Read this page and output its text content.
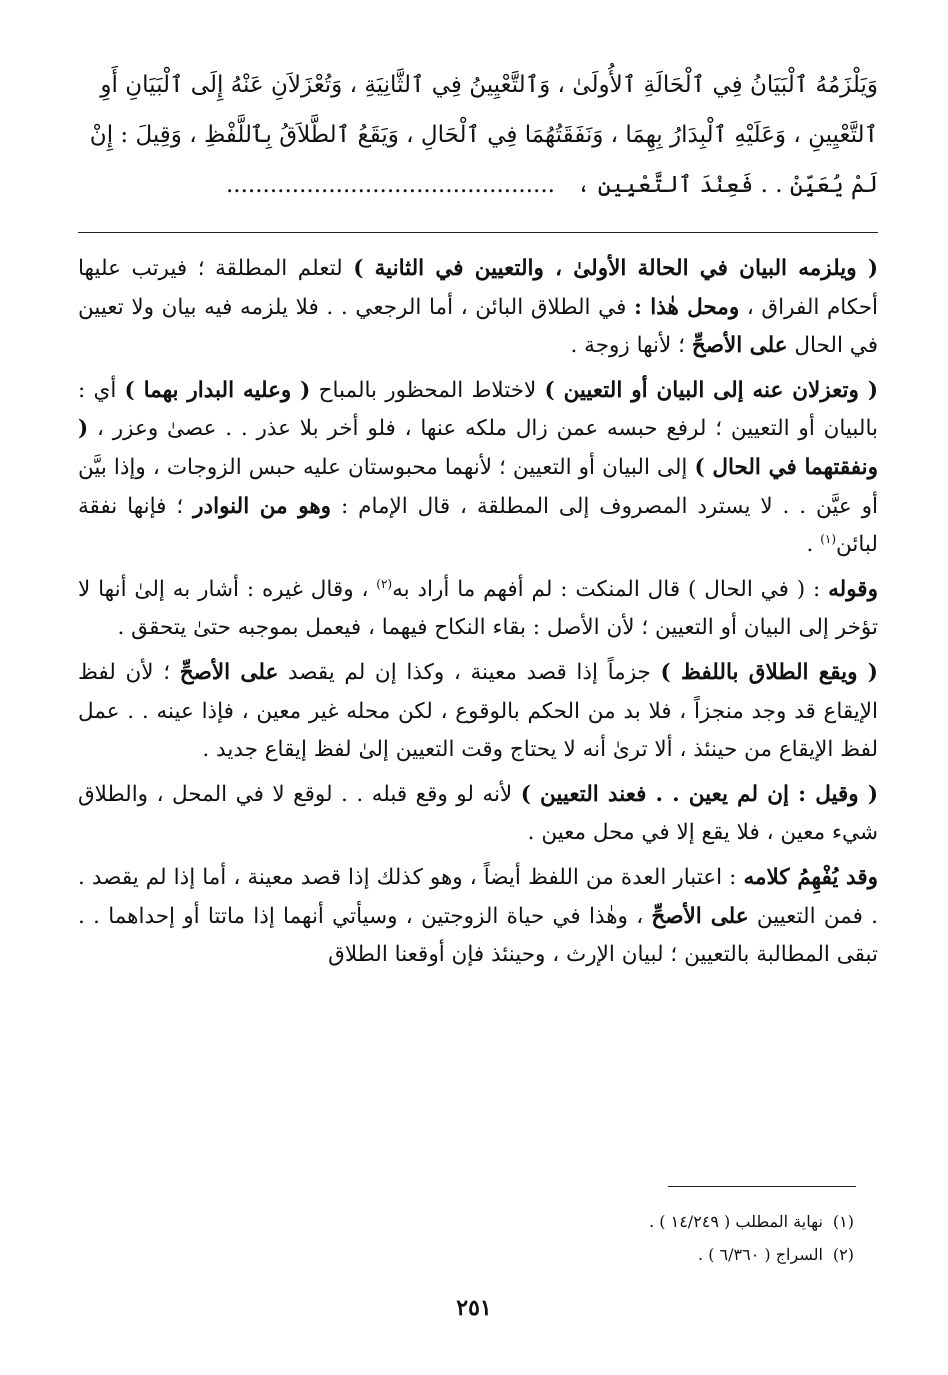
وَيَلْزَمُهُ ٱلْبَيَانُ فِي ٱلْحَالَةِ ٱلأُولَىٰ ، وَٱلتَّعْيِينُ فِي ٱلثَّانِيَةِ ، وَتُعْزَلاَنِ عَنْهُ إِلَى ٱلْبَيَانِ أَوِ

ٱلتَّعْيِينِ ، وَعَلَيْهِ ٱلْبِدَارُ بِهِمَا ، وَنَفَقَتُهُمَا فِي ٱلْحَالِ ، وَيَقَعُ ٱلطَّلاَقُ بِٱللَّفْظِ ، وَقِيلَ : إِنْ

لَمْ يُعَيِّنْ . . فَعِنْدَ ٱلتَّعْيِينِ ،   .............................................

( ويلزمه البيان في الحالة الأولىٰ ، والتعيين في الثانية ) لتعلم المطلقة ؛ فيرتب عليها أحكام الفراق ، ومحل هٰذا : في الطلاق البائن ، أما الرجعي . . فلا يلزمه فيه بيان ولا تعيين في الحال على الأصحِّ ؛ لأنها زوجة .

( وتعزلان عنه إلى البيان أو التعيين ) لاختلاط المحظور بالمباح ( وعليه البدار بهما ) أي : بالبيان أو التعيين ؛ لرفع حبسه عمن زال ملكه عنها ، فلو أخر بلا عذر . . عصىٰ وعزر ، ( ونفقتهما في الحال ) إلى البيان أو التعيين ؛ لأنهما محبوستان عليه حبس الزوجات ، وإذا بيَّن أو عيَّن . . لا يسترد المصروف إلى المطلقة ، قال الإمام : وهو من النوادر ؛ فإنها نفقة لبائن$^{(١)}$ .

وقوله : ( في الحال ) قال المنكت : لم أفهم ما أراد به$^{(٢)}$ ، وقال غيره : أشار به إلىٰ أنها لا تؤخر إلى البيان أو التعيين ؛ لأن الأصل : بقاء النكاح فيهما ، فيعمل بموجبه حتىٰ يتحقق .

( ويقع الطلاق باللفظ ) جزماً إذا قصد معينة ، وكذا إن لم يقصد على الأصحِّ ؛ لأن لفظ الإيقاع قد وجد منجزاً ، فلا بد من الحكم بالوقوع ، لكن محله غير معين ، فإذا عينه . . عمل لفظ الإيقاع من حينئذ ، ألا ترىٰ أنه لا يحتاج وقت التعيين إلىٰ لفظ إيقاع جديد .

( وقيل : إن لم يعين . . فعند التعيين ) لأنه لو وقع قبله . . لوقع لا في المحل ، والطلاق شيء معين ، فلا يقع إلا في محل معين .

وقد يُفْهِمُ كلامه : اعتبار العدة من اللفظ أيضاً ، وهو كذلك إذا قصد معينة ، أما إذا لم يقصد . . فمن التعيين على الأصحِّ ، وهٰذا في حياة الزوجتين ، وسيأتي أنهما إذا ماتتا أو إحداهما . . تبقى المطالبة بالتعيين ؛ لبيان الإرث ، وحينئذ فإن أوقعنا الطلاق

(١)نهاية المطلب ( ١٤/٢٤٩ ) .
(٢)السراج ( ٦/٣٦٠ ) .
٢٥١
